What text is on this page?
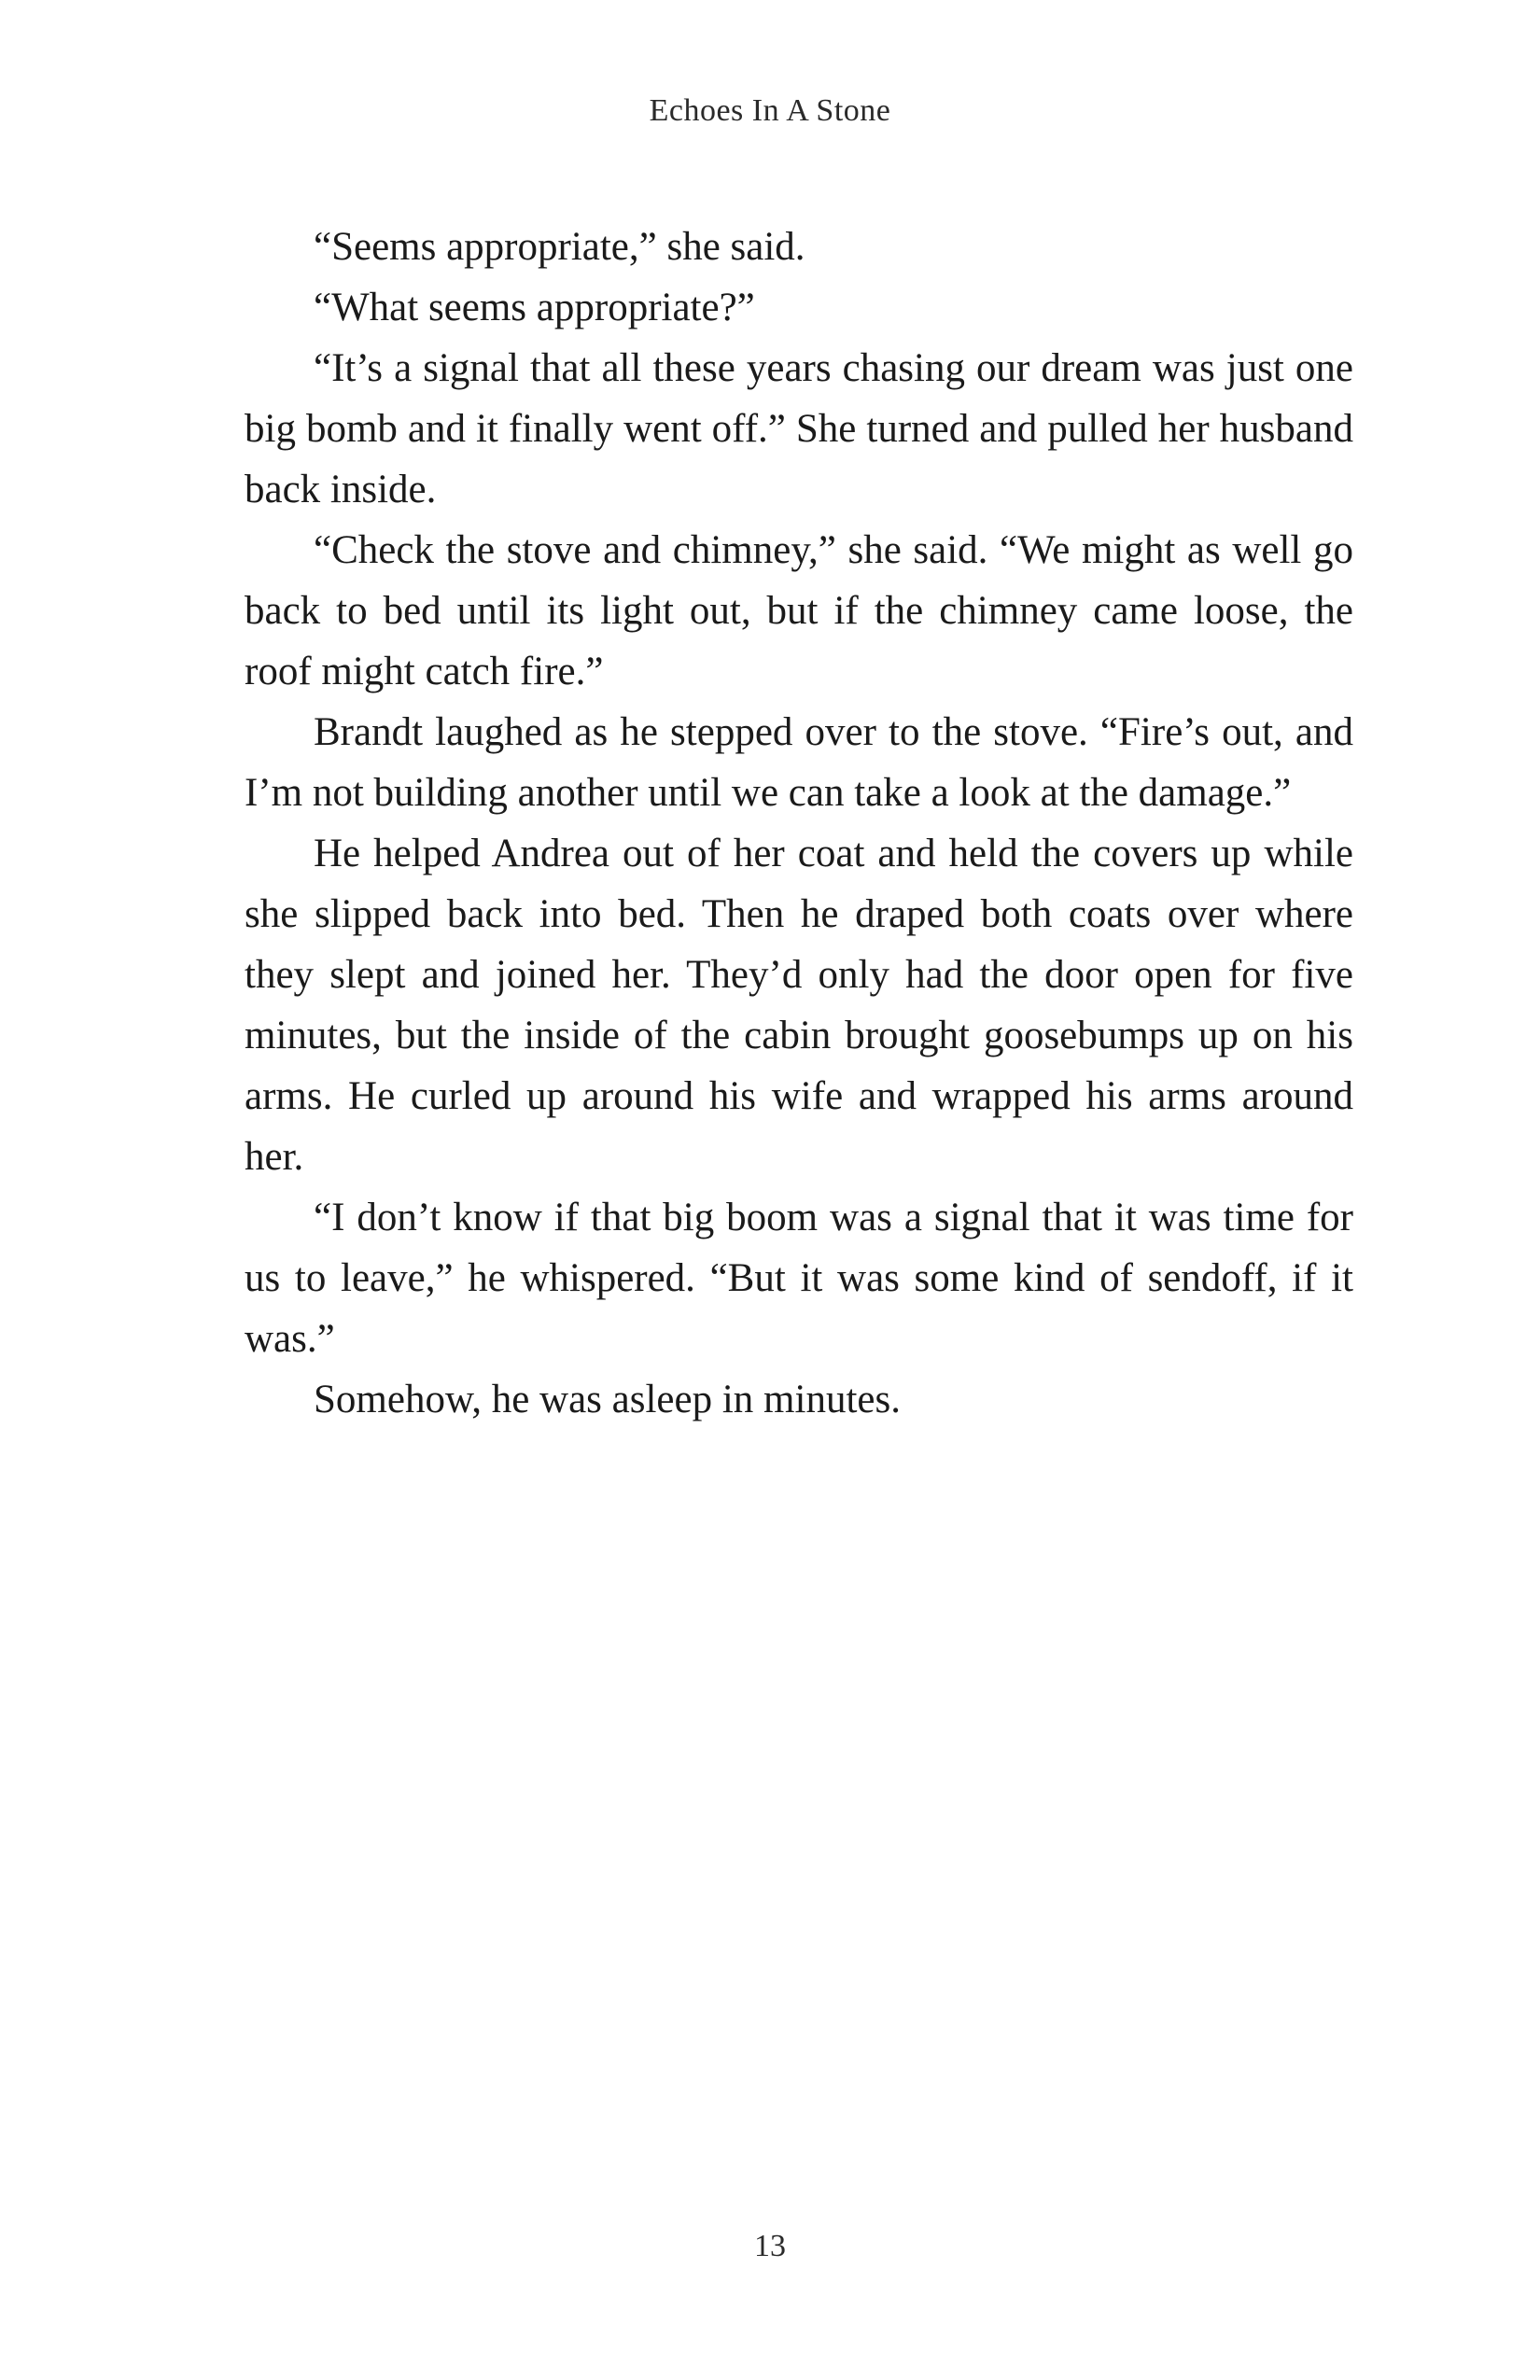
Echoes In A Stone

“Seems appropriate,” she said.

“What seems appropriate?”

“It’s a signal that all these years chasing our dream was just one big bomb and it finally went off.” She turned and pulled her husband back inside.

“Check the stove and chimney,” she said. “We might as well go back to bed until its light out, but if the chimney came loose, the roof might catch fire.”

Brandt laughed as he stepped over to the stove. “Fire’s out, and I’m not building another until we can take a look at the damage.”

He helped Andrea out of her coat and held the covers up while she slipped back into bed. Then he draped both coats over where they slept and joined her. They’d only had the door open for five minutes, but the inside of the cabin brought goosebumps up on his arms. He curled up around his wife and wrapped his arms around her.

“I don’t know if that big boom was a signal that it was time for us to leave,” he whispered. “But it was some kind of sendoff, if it was.”

Somehow, he was asleep in minutes.

13
